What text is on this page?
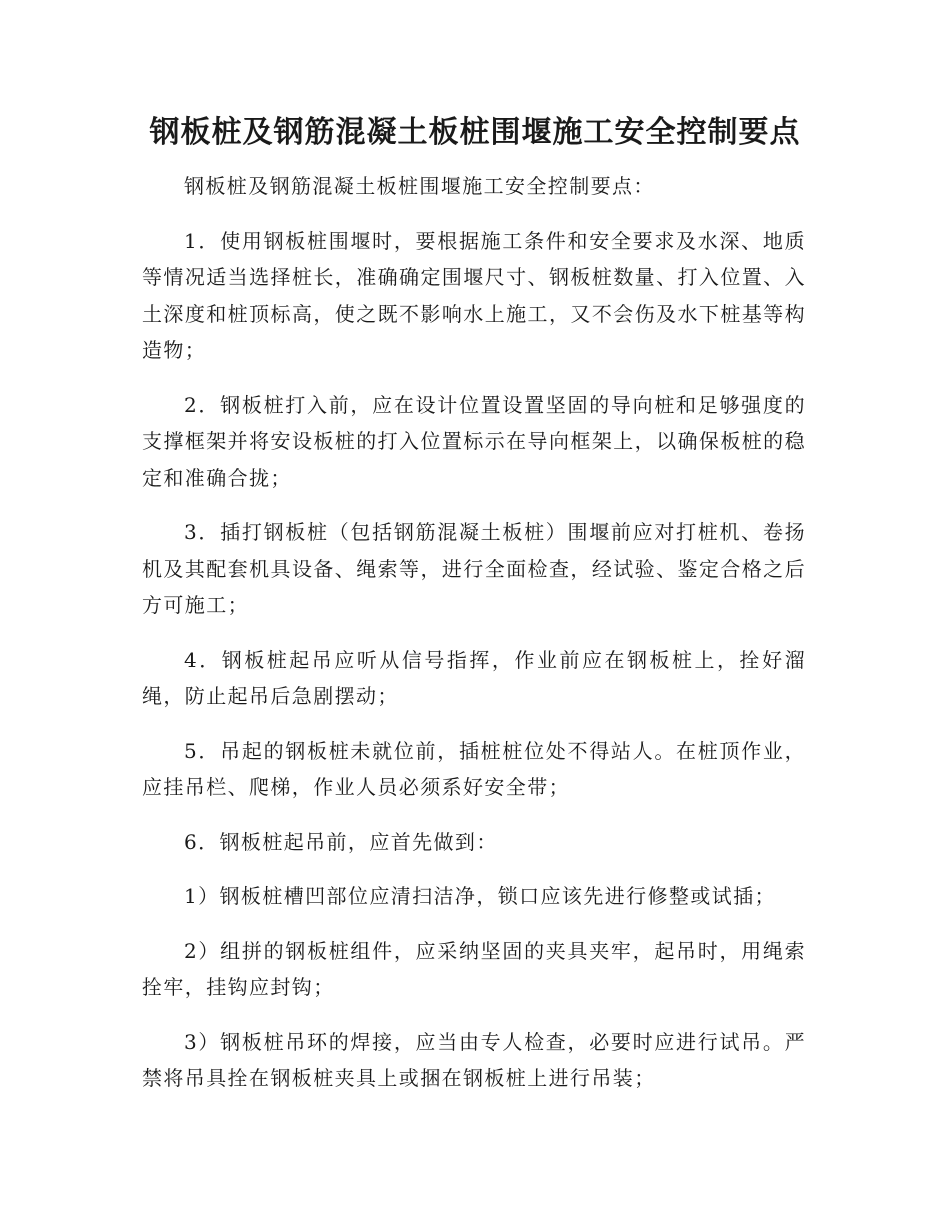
钢板桩及钢筋混凝土板桩围堰施工安全控制要点

钢板桩及钢筋混凝土板桩围堰施工安全控制要点：

1．使用钢板桩围堰时，要根据施工条件和安全要求及水深、地质等情况适当选择桩长，准确确定围堰尺寸、钢板桩数量、打入位置、入土深度和桩顶标高，使之既不影响水上施工，又不会伤及水下桩基等构造物；

2．钢板桩打入前，应在设计位置设置坚固的导向桩和足够强度的支撑框架并将安设板桩的打入位置标示在导向框架上，以确保板桩的稳定和准确合拢；

3．插打钢板桩（包括钢筋混凝土板桩）围堰前应对打桩机、卷扬机及其配套机具设备、绳索等，进行全面检查，经试验、鉴定合格之后方可施工；

4．钢板桩起吊应听从信号指挥，作业前应在钢板桩上，拴好溜绳，防止起吊后急剧摆动；

5．吊起的钢板桩未就位前，插桩桩位处不得站人。在桩顶作业，应挂吊栏、爬梯，作业人员必须系好安全带；

6．钢板桩起吊前，应首先做到：

1）钢板桩槽凹部位应清扫洁净，锁口应该先进行修整或试插；

2）组拼的钢板桩组件，应采纳坚固的夹具夹牢，起吊时，用绳索拴牢，挂钩应封钩；

3）钢板桩吊环的焊接，应当由专人检查，必要时应进行试吊。严禁将吊具拴在钢板桩夹具上或捆在钢板桩上进行吊装；
